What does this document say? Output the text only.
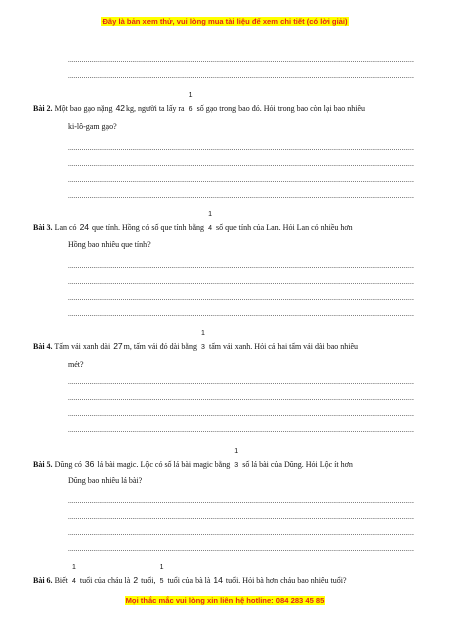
Đây là bản xem thử, vui lòng mua tài liệu để xem chi tiết (có lời giải)
.....
.....
Bài 2. Một bao gạo nặng 42kg, người ta lấy ra
1
6 số gạo trong bao đó. Hỏi trong bao còn lại bao nhiêu
ki-lô-gam gạo?
.....
.....
.....
.....
Bài 3. Lan có 24 que tính. Hồng có số que tính bằng
1
4 số que tính của Lan. Hỏi Lan có nhiều hơn
Hồng bao nhiêu que tính?
.....
.....
.....
.....
Bài 4. Tấm vải xanh dài 27m, tấm vải đỏ dài bằng
1
3 tấm vải xanh. Hỏi cả hai tấm vải dài bao nhiêu
mét?
.....
.....
.....
.....
Bài 5. Dũng có 36 lá bài magic. Lộc có số lá bài magic bằng
1
3 số lá bài của Dũng. Hỏi Lộc ít hơn
Dũng bao nhiêu lá bài?
.....
.....
.....
.....
Bài 6. Biết
1
4 tuổi của cháu là 2 tuổi,
1
5 tuổi của bà là 14 tuổi. Hỏi bà hơn cháu bao nhiêu tuổi?
Mọi thắc mắc vui lòng xin liên hệ hotline: 084 283 45 85
